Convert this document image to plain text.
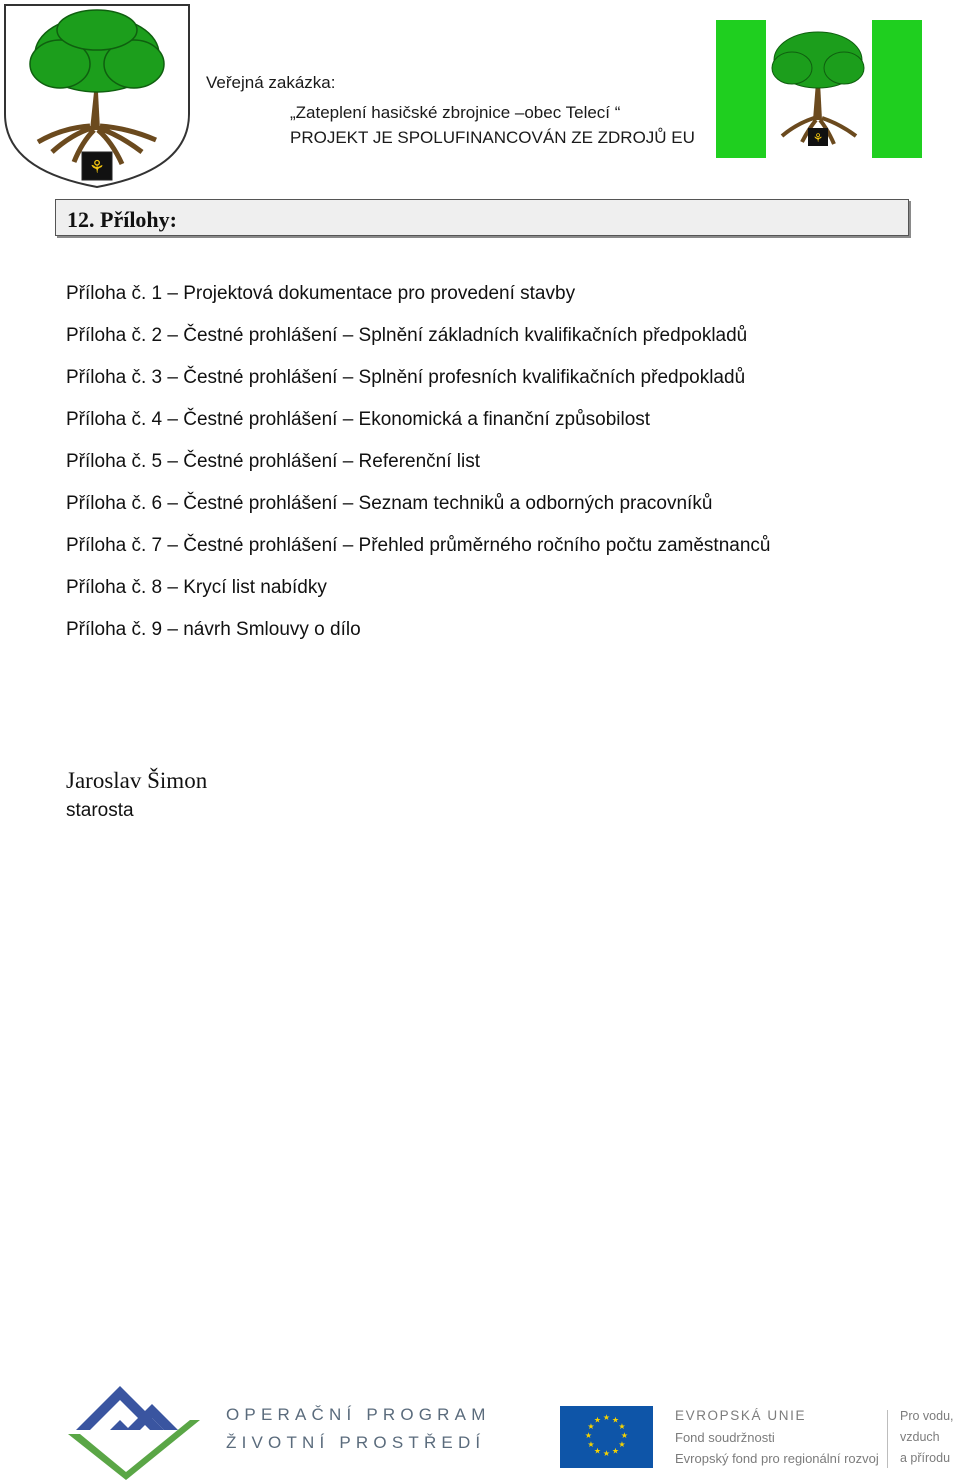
⚘
⚘
Veřejná zakázka:
„Zateplení hasičské zbrojnice –obec Telecí “
PROJEKT JE SPOLUFINANCOVÁN ZE ZDROJŮ EU
12. Přílohy:
Příloha č. 1 – Projektová dokumentace pro provedení stavby
Příloha č. 2 – Čestné prohlášení – Splnění základních kvalifikačních předpokladů
Příloha č. 3 – Čestné prohlášení – Splnění profesních kvalifikačních předpokladů
Příloha č. 4 – Čestné prohlášení – Ekonomická a finanční způsobilost
Příloha č. 5 – Čestné prohlášení – Referenční list
Příloha č. 6 – Čestné prohlášení – Seznam techniků a odborných pracovníků
Příloha č. 7 – Čestné prohlášení – Přehled průměrného ročního počtu zaměstnanců
Příloha č. 8 – Krycí list nabídky
Příloha č. 9 – návrh Smlouvy o dílo
Jaroslav Šimon
starosta
OPERAČNÍ PROGRAM
ŽIVOTNÍ PROSTŘEDÍ
★ ★
★
★
★
★
★
★
★
★
★
★	EVROPSKÁ UNIE
Fond soudržnosti
Evropský fond pro regionální rozvoj
Pro vodu,
vzduch
a přírodu
